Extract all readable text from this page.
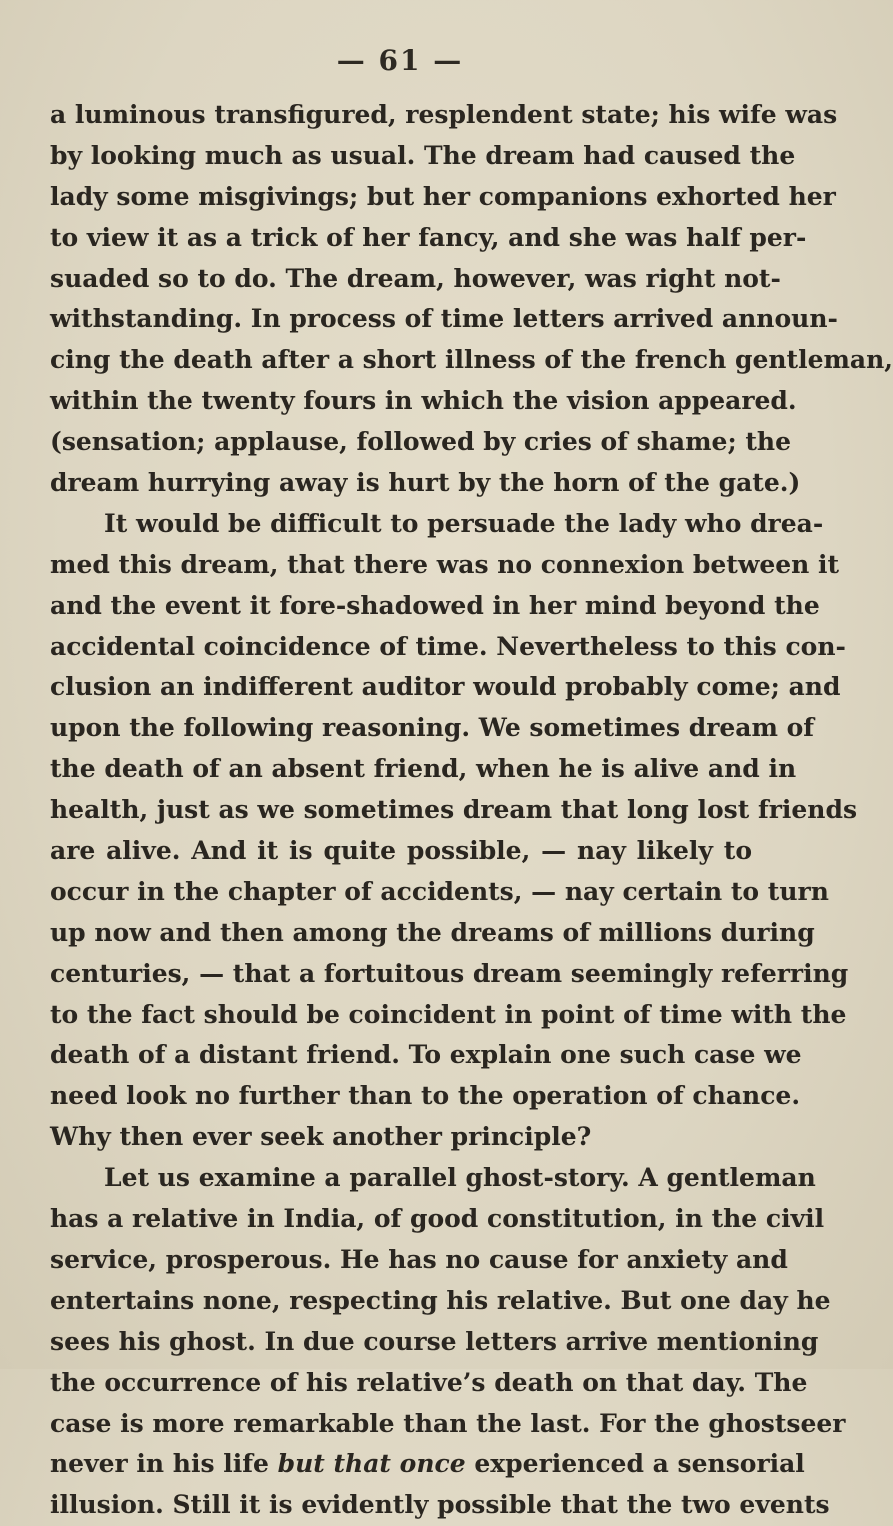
— 61 —
a luminous transfigured, resplendent state; his wife was
by looking much as usual. The dream had caused the
lady some misgivings; but her companions exhorted her
to view it as a trick of her fancy, and she was half per-
suaded so to do. The dream, however, was right not-
withstanding. In process of time letters arrived announ-
cing the death after a short illness of the french gentleman,
within the twenty fours in which the vision appeared.
(sensation; applause, followed by cries of shame; the
dream hurrying away is hurt by the horn of the gate.)
It would be difficult to persuade the lady who drea-
med this dream, that there was no connexion between it
and the event it fore-shadowed in her mind beyond the
accidental coincidence of time. Nevertheless to this con-
clusion an indifferent auditor would probably come; and
upon the following reasoning. We sometimes dream of
the death of an absent friend, when he is alive and in
health, just as we sometimes dream that long lost friends
are alive. And it is quite possible, — nay likely to
occur in the chapter of accidents, — nay certain to turn
up now and then among the dreams of millions during
centuries, — that a fortuitous dream seemingly referring
to the fact should be coincident in point of time with the
death of a distant friend. To explain one such case we
need look no further than to the operation of chance.
Why then ever seek another principle?
Let us examine a parallel ghost-story. A gentleman
has a relative in India, of good constitution, in the civil
service, prosperous. He has no cause for anxiety and
entertains none, respecting his relative. But one day he
sees his ghost. In due course letters arrive mentioning
the occurrence of his relative’s death on that day. The
case is more remarkable than the last. For the ghostseer
never in his life but that once experienced a sensorial
illusion. Still it is evidently possible that the two events
